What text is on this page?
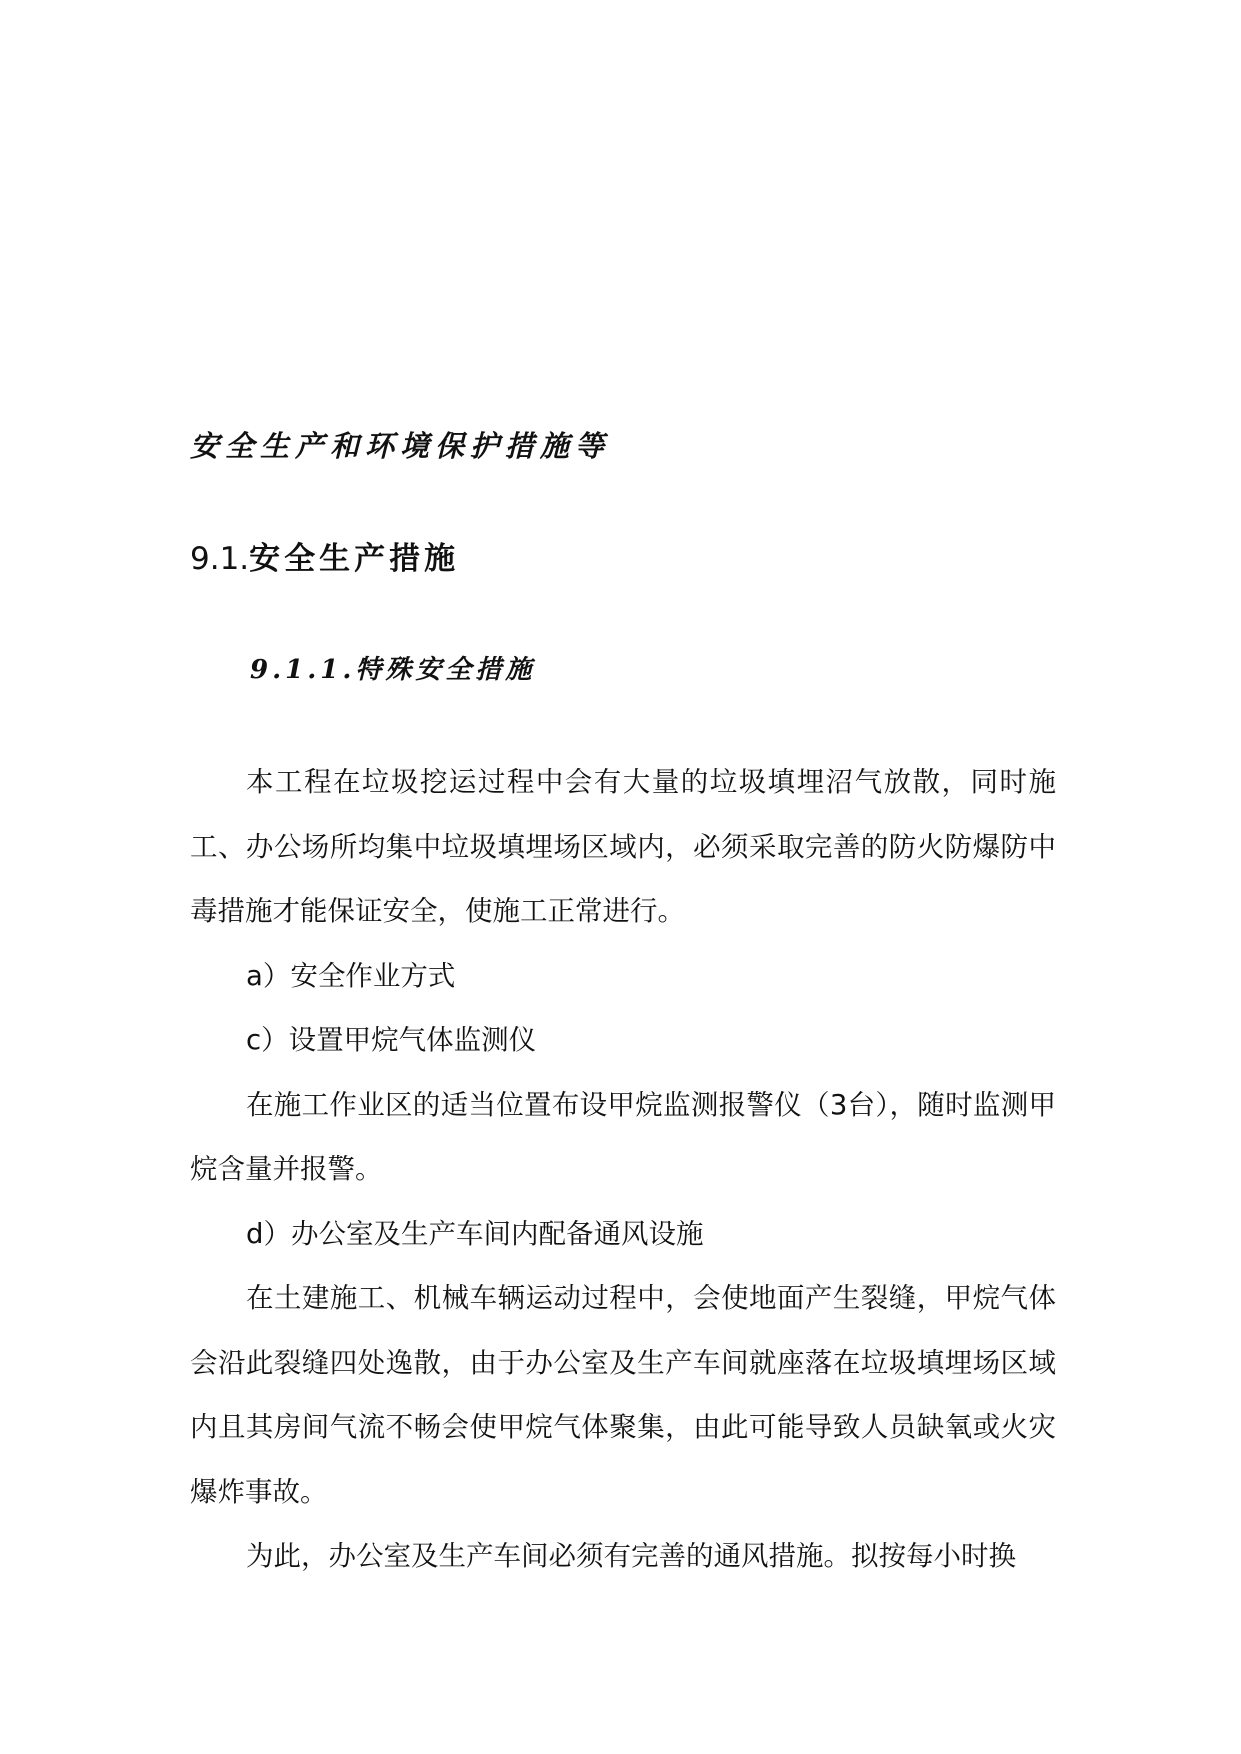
安全生产和环境保护措施等
9.1.安全生产措施
9.1.1.特殊安全措施

本工程在垃圾挖运过程中会有大量的垃圾填埋沼气放散，同时施工、办公场所均集中垃圾填埋场区域内，必须采取完善的防火防爆防中毒措施才能保证安全，使施工正常进行。

a）安全作业方式

c）设置甲烷气体监测仪

在施工作业区的适当位置布设甲烷监测报警仪（3台），随时监测甲烷含量并报警。

d）办公室及生产车间内配备通风设施

在土建施工、机械车辆运动过程中，会使地面产生裂缝，甲烷气体会沿此裂缝四处逸散，由于办公室及生产车间就座落在垃圾填埋场区域内且其房间气流不畅会使甲烷气体聚集，由此可能导致人员缺氧或火灾爆炸事故。

为此，办公室及生产车间必须有完善的通风措施。拟按每小时换
